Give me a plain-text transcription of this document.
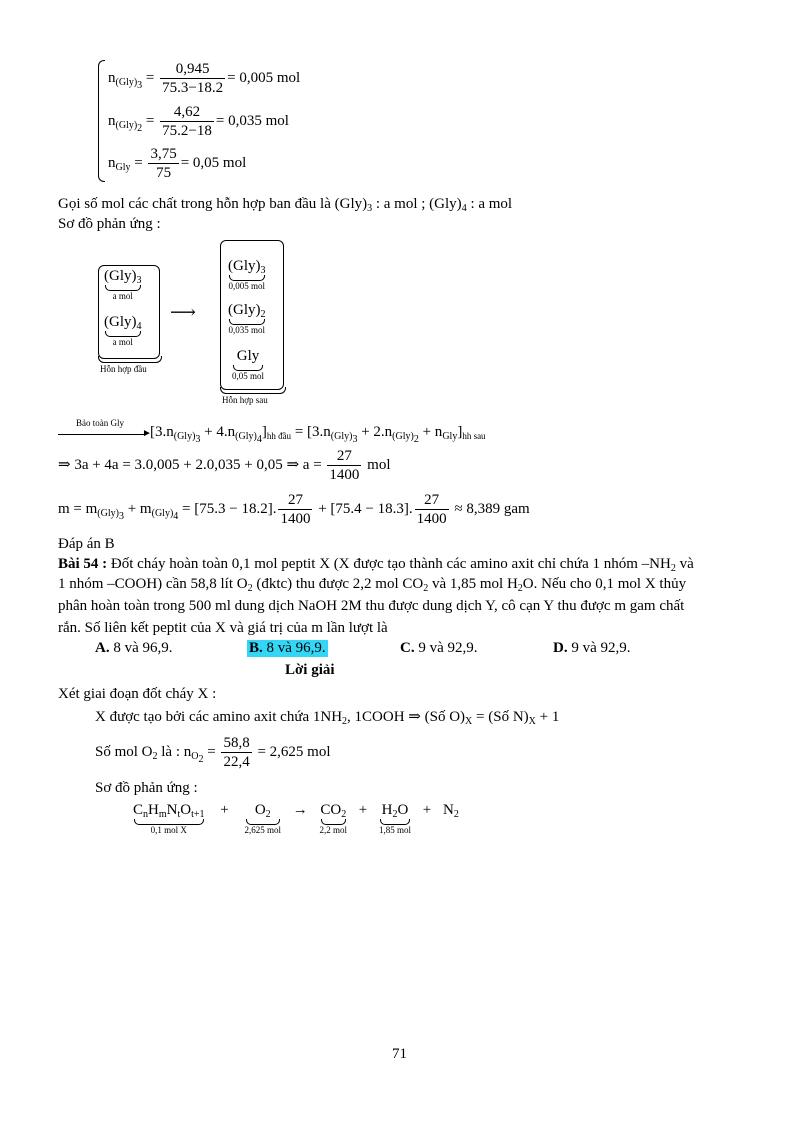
$n_{(Gly)_3} = \frac{0,945}{75.3-18.2} = 0,005$ mol
$n_{(Gly)_2} = \frac{4,62}{75.2-18} = 0,035$ mol
$n_{Gly} = \frac{3,75}{75} = 0,05$ mol
Gọi số mol các chất trong hỗn hợp ban đầu là $(Gly)_3$ : a mol ; $(Gly)_4$ : a mol
Sơ đồ phản ứng :
$(Gly)_3$
a mol
$(Gly)_4$
a mol
Hỗn hợp đầu
⟶
$(Gly)_3$
0,005 mol
$(Gly)_2$
0,035 mol
Gly
0,05 mol
Hỗn hợp sau
Bảo toàn Gly
►
$[3.n_{(Gly)_3} + 4.n_{(Gly)_4}]_{hh đầu} = [3.n_{(Gly)_3} + 2.n_{(Gly)_2} + n_{Gly}]_{hh sau}$
⇒ 3a + 4a = 3.0,005 + 2.0,035 + 0,05 ⇒ $a = \frac{27}{1400}$ mol
$m = m_{(Gly)_3} + m_{(Gly)_4} = [75.3 - 18.2]$. $\frac{27}{1400} + [75.4 - 18.3]$. $\frac{27}{1400} \approx 8,389$ gam
Đáp án B
Bài 54 : Đốt cháy hoàn toàn 0,1 mol peptit X (X được tạo thành các amino axit chỉ chứa 1 nhóm $-NH_2$ và
1 nhóm –COOH) cần 58,8 lít $O_2$ (đktc) thu được 2,2 mol $CO_2$ và 1,85 mol $H_2O$. Nếu cho 0,1 mol X thủy
phân hoàn toàn trong 500 ml dung dịch NaOH 2M thu được dung dịch Y, cô cạn Y thu được m gam chất
rắn. Số liên kết peptit của X và giá trị của m lần lượt là
A. 8 và 96,9.	B. 8 và 96,9.	C. 9 và 92,9.	D. 9 và 92,9.
Lời giải
Xét giai đoạn đốt cháy X :
X được tạo bởi các amino axit chứa $1NH_2$, 1COOH ⇒ (Số $O)_X$ = (Số $N)_X + 1$
Số mol $O_2$ là : $n_{O_2} = \frac{58,8}{22,4} = 2,625$ mol
Sơ đồ phản ứng :
$C_nH_mN_tO_{t+1}$
0,1 mol X
+	$O_2$
2,625 mol
→ $CO_2$
2,2 mol
+ $H_2O$
1,85 mol
+ $N_2$
71
